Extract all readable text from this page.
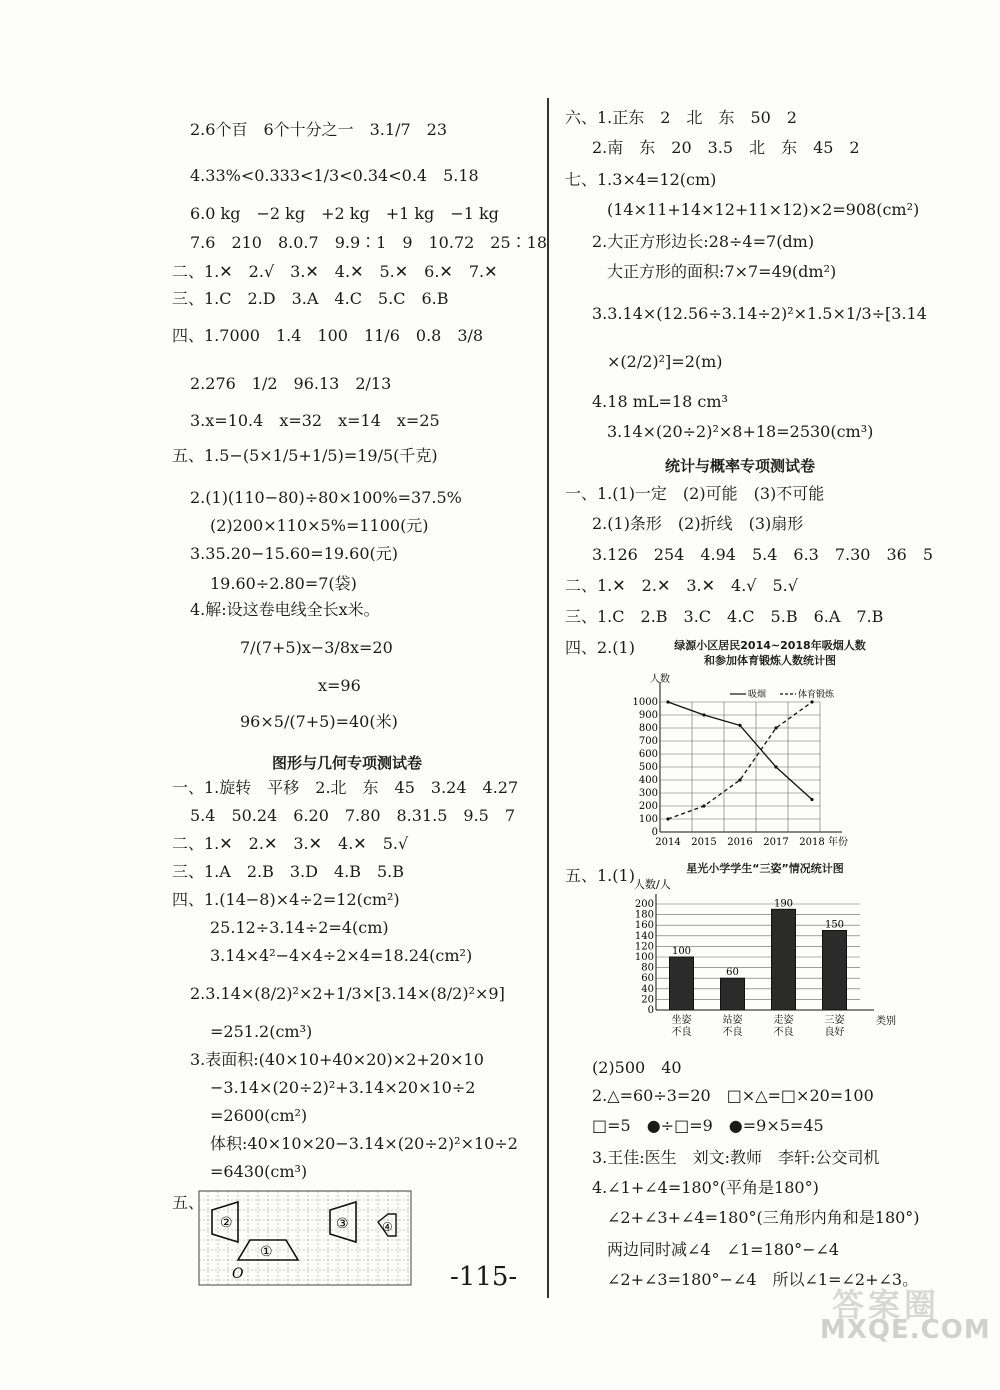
2.6个百　6个十分之一　3.1/7　23
4.33%<0.333<1/3<0.34<0.4　5.18
6.0 kg　−2 kg　+2 kg　+1 kg　−1 kg
7.6　210　8.0.7　9.9∶1　9　10.72　25∶18
二、1.✕　2.√　3.✕　4.✕　5.✕　6.✕　7.✕
三、1.C　2.D　3.A　4.C　5.C　6.B
四、1.7000　1.4　100　11/6　0.8　3/8
2.276　1/2　96.13　2/13
3.x=10.4　x=32　x=14　x=25
五、1.5−(5×1/5+1/5)=19/5(千克)
2.(1)(110−80)÷80×100%=37.5%
(2)200×110×5%=1100(元)
3.35.20−15.60=19.60(元)
19.60÷2.80=7(袋)
4.解:设这卷电线全长x米。
7/(7+5)x−3/8x=20
x=96
96×5/(7+5)=40(米)
图形与几何专项测试卷
一、1.旋转　平移　2.北　东　45　3.24　4.27
5.4　50.24　6.20　7.80　8.31.5　9.5　7
二、1.✕　2.✕　3.✕　4.✕　5.√
三、1.A　2.B　3.D　4.B　5.B
四、1.(14−8)×4÷2=12(cm²)
25.12÷3.14÷2=4(cm)
3.14×4²−4×4÷2×4=18.24(cm²)
2.3.14×(8/2)²×2+1/3×[3.14×(8/2)²×9]
=251.2(cm³)
3.表面积:(40×10+40×20)×2+20×10
−3.14×(20÷2)²+3.14×20×10÷2
=2600(cm²)
体积:40×10×20−3.14×(20÷2)²×10÷2
=6430(cm³)
五、
②
①
③	④
O
六、1.正东　2　北　东　50　2
2.南　东　20　3.5　北　东　45　2
七、1.3×4=12(cm)
(14×11+14×12+11×12)×2=908(cm²)
2.大正方形边长:28÷4=7(dm)
大正方形的面积:7×7=49(dm²)
3.3.14×(12.56÷3.14÷2)²×1.5×1/3÷[3.14
×(2/2)²]=2(m)
4.18 mL=18 cm³
3.14×(20÷2)²×8+18=2530(cm³)
统计与概率专项测试卷
一、1.(1)一定　(2)可能　(3)不可能
2.(1)条形　(2)折线　(3)扇形
3.126　254　4.94　5.4　6.3　7.30　36　5
二、1.✕　2.✕　3.✕　4.√　5.√
三、1.C　2.B　3.C　4.C　5.B　6.A　7.B
四、2.(1)	绿源小区居民2014~2018年吸烟人数
和参加体育锻炼人数统计图
0
100
200
300
400
500
600
700
800
900
1000
人数
年份
2014 2015 2016 2017 2018
吸烟	体育锻炼
五、1.(1)	星光小学学生“三姿”情况统计图
0
20
40
60
80
100
120
140
160
180
200
人数/人
类别
100
坐姿
不良
60
站姿
不良
190
走姿
不良
150
三姿
良好
(2)500　40
2.△=60÷3=20　□×△=□×20=100
□=5　●÷□=9　●=9×5=45
3.王佳:医生　刘文:教师　李轩:公交司机
4.∠1+∠4=180°(平角是180°)
∠2+∠3+∠4=180°(三角形内角和是180°)
两边同时减∠4　∠1=180°−∠4
∠2+∠3=180°−∠4　所以∠1=∠2+∠3。
-115-
答案圈
MXQE.COM
